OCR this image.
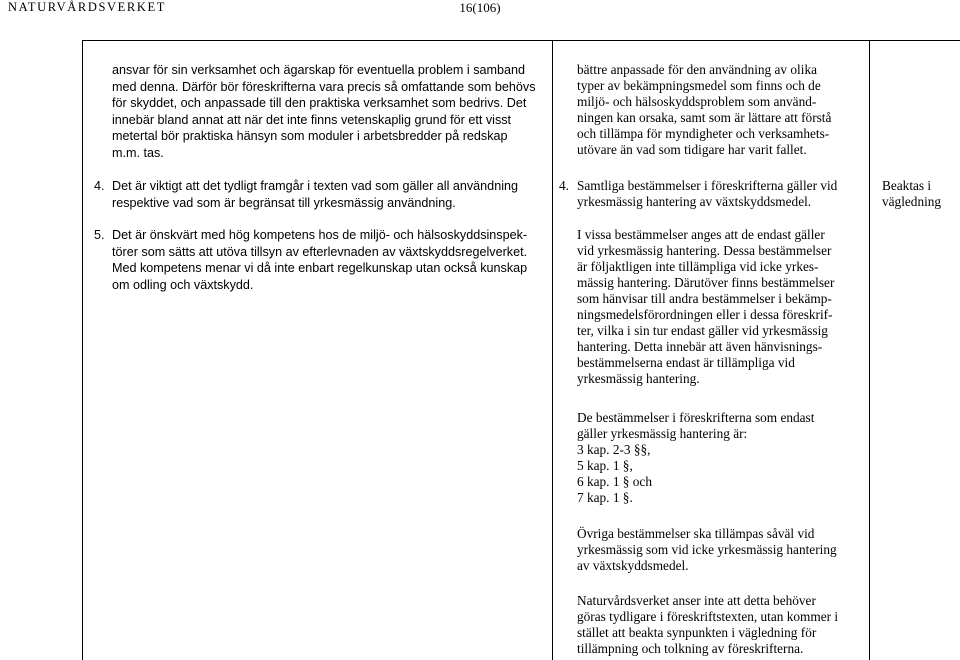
NATURVÅRDSVERKET	16(106)
ansvar för sin verksamhet och ägarskap för eventuella problem i samband
med denna. Därför bör föreskrifterna vara precis så omfattande som behövs
för skyddet, och anpassade till den praktiska verksamhet som bedrivs. Det
innebär bland annat att när det inte finns vetenskaplig grund för ett visst
metertal bör praktiska hänsyn som moduler i arbetsbredder på redskap
m.m. tas.
4. Det är viktigt att det tydligt framgår i texten vad som gäller all användning
respektive vad som är begränsat till yrkesmässig användning.
5. Det är önskvärt med hög kompetens hos de miljö- och hälsoskyddsinspek-
törer som sätts att utöva tillsyn av efterlevnaden av växtskyddsregelverket.
Med kompetens menar vi då inte enbart regelkunskap utan också kunskap
om odling och växtskydd.
bättre anpassade för den användning av olika
typer av bekämpningsmedel som finns och de
miljö- och hälsoskyddsproblem som använd-
ningen kan orsaka, samt som är lättare att förstå
och tillämpa för myndigheter och verksamhets-
utövare än vad som tidigare har varit fallet.
4. Samtliga bestämmelser i föreskrifterna gäller vid
yrkesmässig hantering av växtskyddsmedel.
I vissa bestämmelser anges att de endast gäller
vid yrkesmässig hantering. Dessa bestämmelser
är följaktligen inte tillämpliga vid icke yrkes-
mässig hantering. Därutöver finns bestämmelser
som hänvisar till andra bestämmelser i bekämp-
ningsmedelsförordningen eller i dessa föreskrif-
ter, vilka i sin tur endast gäller vid yrkesmässig
hantering. Detta innebär att även hänvisnings-
bestämmelserna endast är tillämpliga vid
yrkesmässig hantering.
De bestämmelser i föreskrifterna som endast
gäller yrkesmässig hantering är:
3 kap. 2-3 §§,
5 kap. 1 §,
6 kap. 1 § och
7 kap. 1 §.
Övriga bestämmelser ska tillämpas såväl vid
yrkesmässig som vid icke yrkesmässig hantering
av växtskyddsmedel.
Naturvårdsverket anser inte att detta behöver
göras tydligare i föreskriftstexten, utan kommer i
stället att beakta synpunkten i vägledning för
tillämpning och tolkning av föreskrifterna.
Beaktas i
vägledning
